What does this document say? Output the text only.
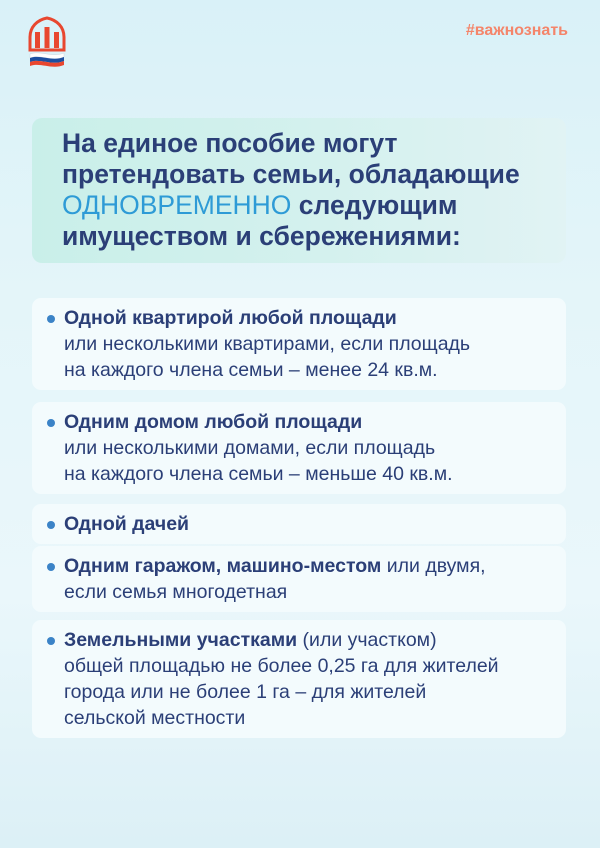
#важнознать
На единое пособие могут
претендовать семьи, обладающие
ОДНОВРЕМЕННО следующим
имуществом и сбережениями:
Одной квартирой любой площади
или несколькими квартирами, если площадь
на каждого члена семьи – менее 24 кв.м.
Одним домом любой площади
или несколькими домами, если площадь
на каждого члена семьи – меньше 40 кв.м.
Одной дачей
Одним гаражом, машино-местом или двумя,
если семья многодетная
Земельными участками (или участком)
общей площадью не более 0,25 га для жителей
города или не более 1 га – для жителей
сельской местности
